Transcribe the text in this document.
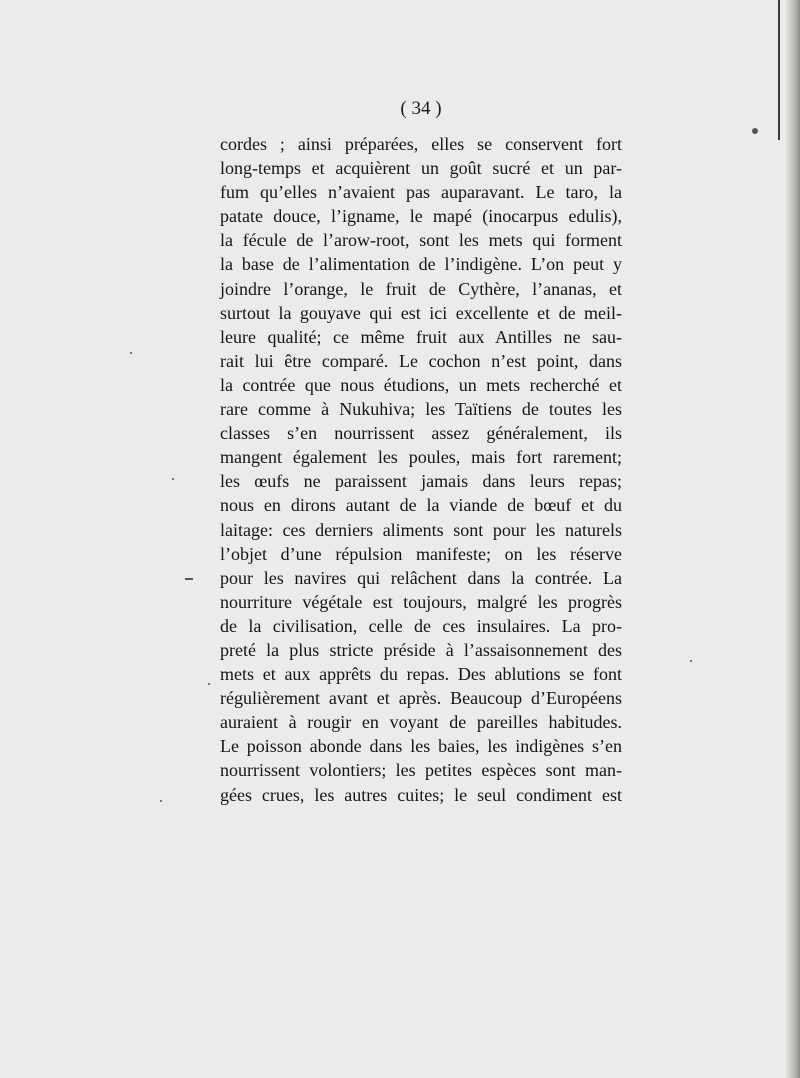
( 34 )
cordes ; ainsi préparées, elles se conservent fort
long-temps et acquièrent un goût sucré et un par-
fum qu’elles n’avaient pas auparavant. Le taro, la
patate douce, l’igname, le mapé (inocarpus edulis),
la fécule de l’arow-root, sont les mets qui forment
la base de l’alimentation de l’indigène. L’on peut y
joindre l’orange, le fruit de Cythère, l’ananas, et
surtout la gouyave qui est ici excellente et de meil-
leure qualité; ce même fruit aux Antilles ne sau-
rait lui être comparé. Le cochon n’est point, dans
la contrée que nous étudions, un mets recherché et
rare comme à Nukuhiva; les Taïtiens de toutes les
classes s’en nourrissent assez généralement, ils
mangent également les poules, mais fort rarement;
les œufs ne paraissent jamais dans leurs repas;
nous en dirons autant de la viande de bœuf et du
laitage: ces derniers aliments sont pour les naturels
l’objet d’une répulsion manifeste; on les réserve
pour les navires qui relâchent dans la contrée. La
nourriture végétale est toujours, malgré les progrès
de la civilisation, celle de ces insulaires. La pro-
preté la plus stricte préside à l’assaisonnement des
mets et aux apprêts du repas. Des ablutions se font
régulièrement avant et après. Beaucoup d’Européens
auraient à rougir en voyant de pareilles habitudes.
Le poisson abonde dans les baies, les indigènes s’en
nourrissent volontiers; les petites espèces sont man-
gées crues, les autres cuites; le seul condiment est
